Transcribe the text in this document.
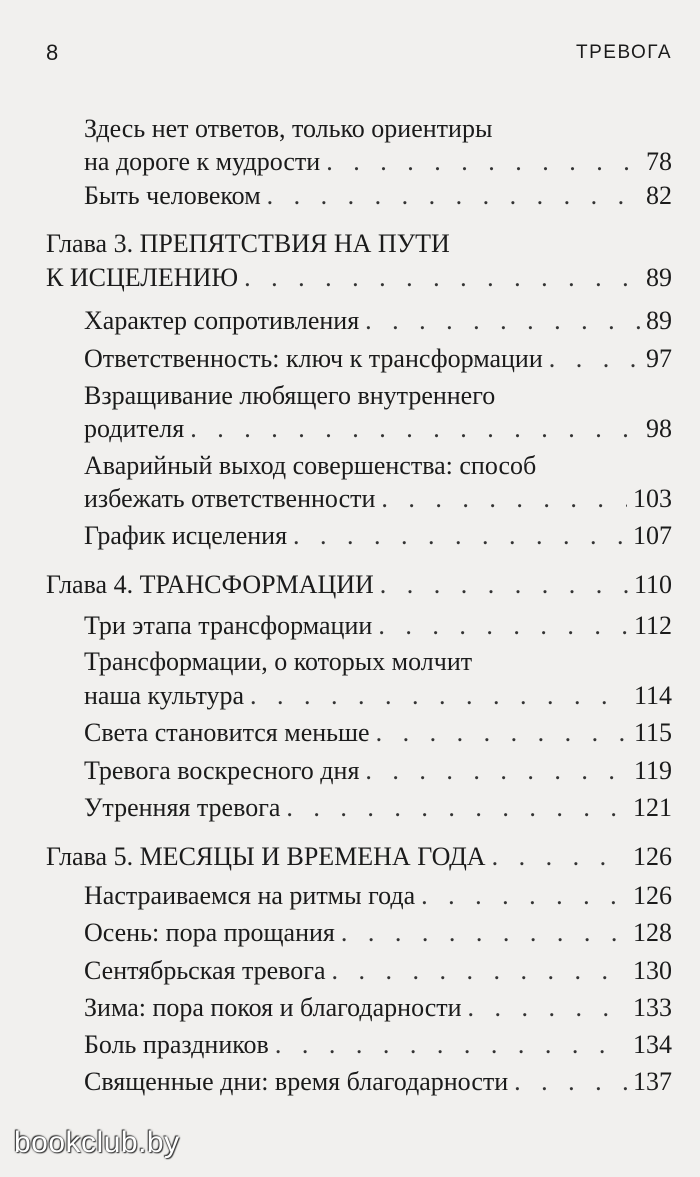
8	ТРЕВОГА
Здесь нет ответов, только ориентиры
на дороге к мудрости . . .	78
Быть человеком . . .	82
Глава 3. ПРЕПЯТСТВИЯ НА ПУТИ
К ИСЦЕЛЕНИЮ . . .	89
Характер сопротивления . . .	89
Ответственность: ключ к трансформации . . .	97
Взращивание любящего внутреннего
родителя . . .	98
Аварийный выход совершенства: способ
избежать ответственности . . .	103
График исцеления . . .	107
Глава 4. ТРАНСФОРМАЦИИ . . .	110
Три этапа трансформации . . .	112
Трансформации, о которых молчит
наша культура . . .	114
Света становится меньше . . .	115
Тревога воскресного дня . . .	119
Утренняя тревога . . .	121
Глава 5. МЕСЯЦЫ И ВРЕМЕНА ГОДА . . .	126
Настраиваемся на ритмы года . . .	126
Осень: пора прощания . . .	128
Сентябрьская тревога . . .	130
Зима: пора покоя и благодарности . . .	133
Боль праздников . . .	134
Священные дни: время благодарности . . .	137
bookclub.by
